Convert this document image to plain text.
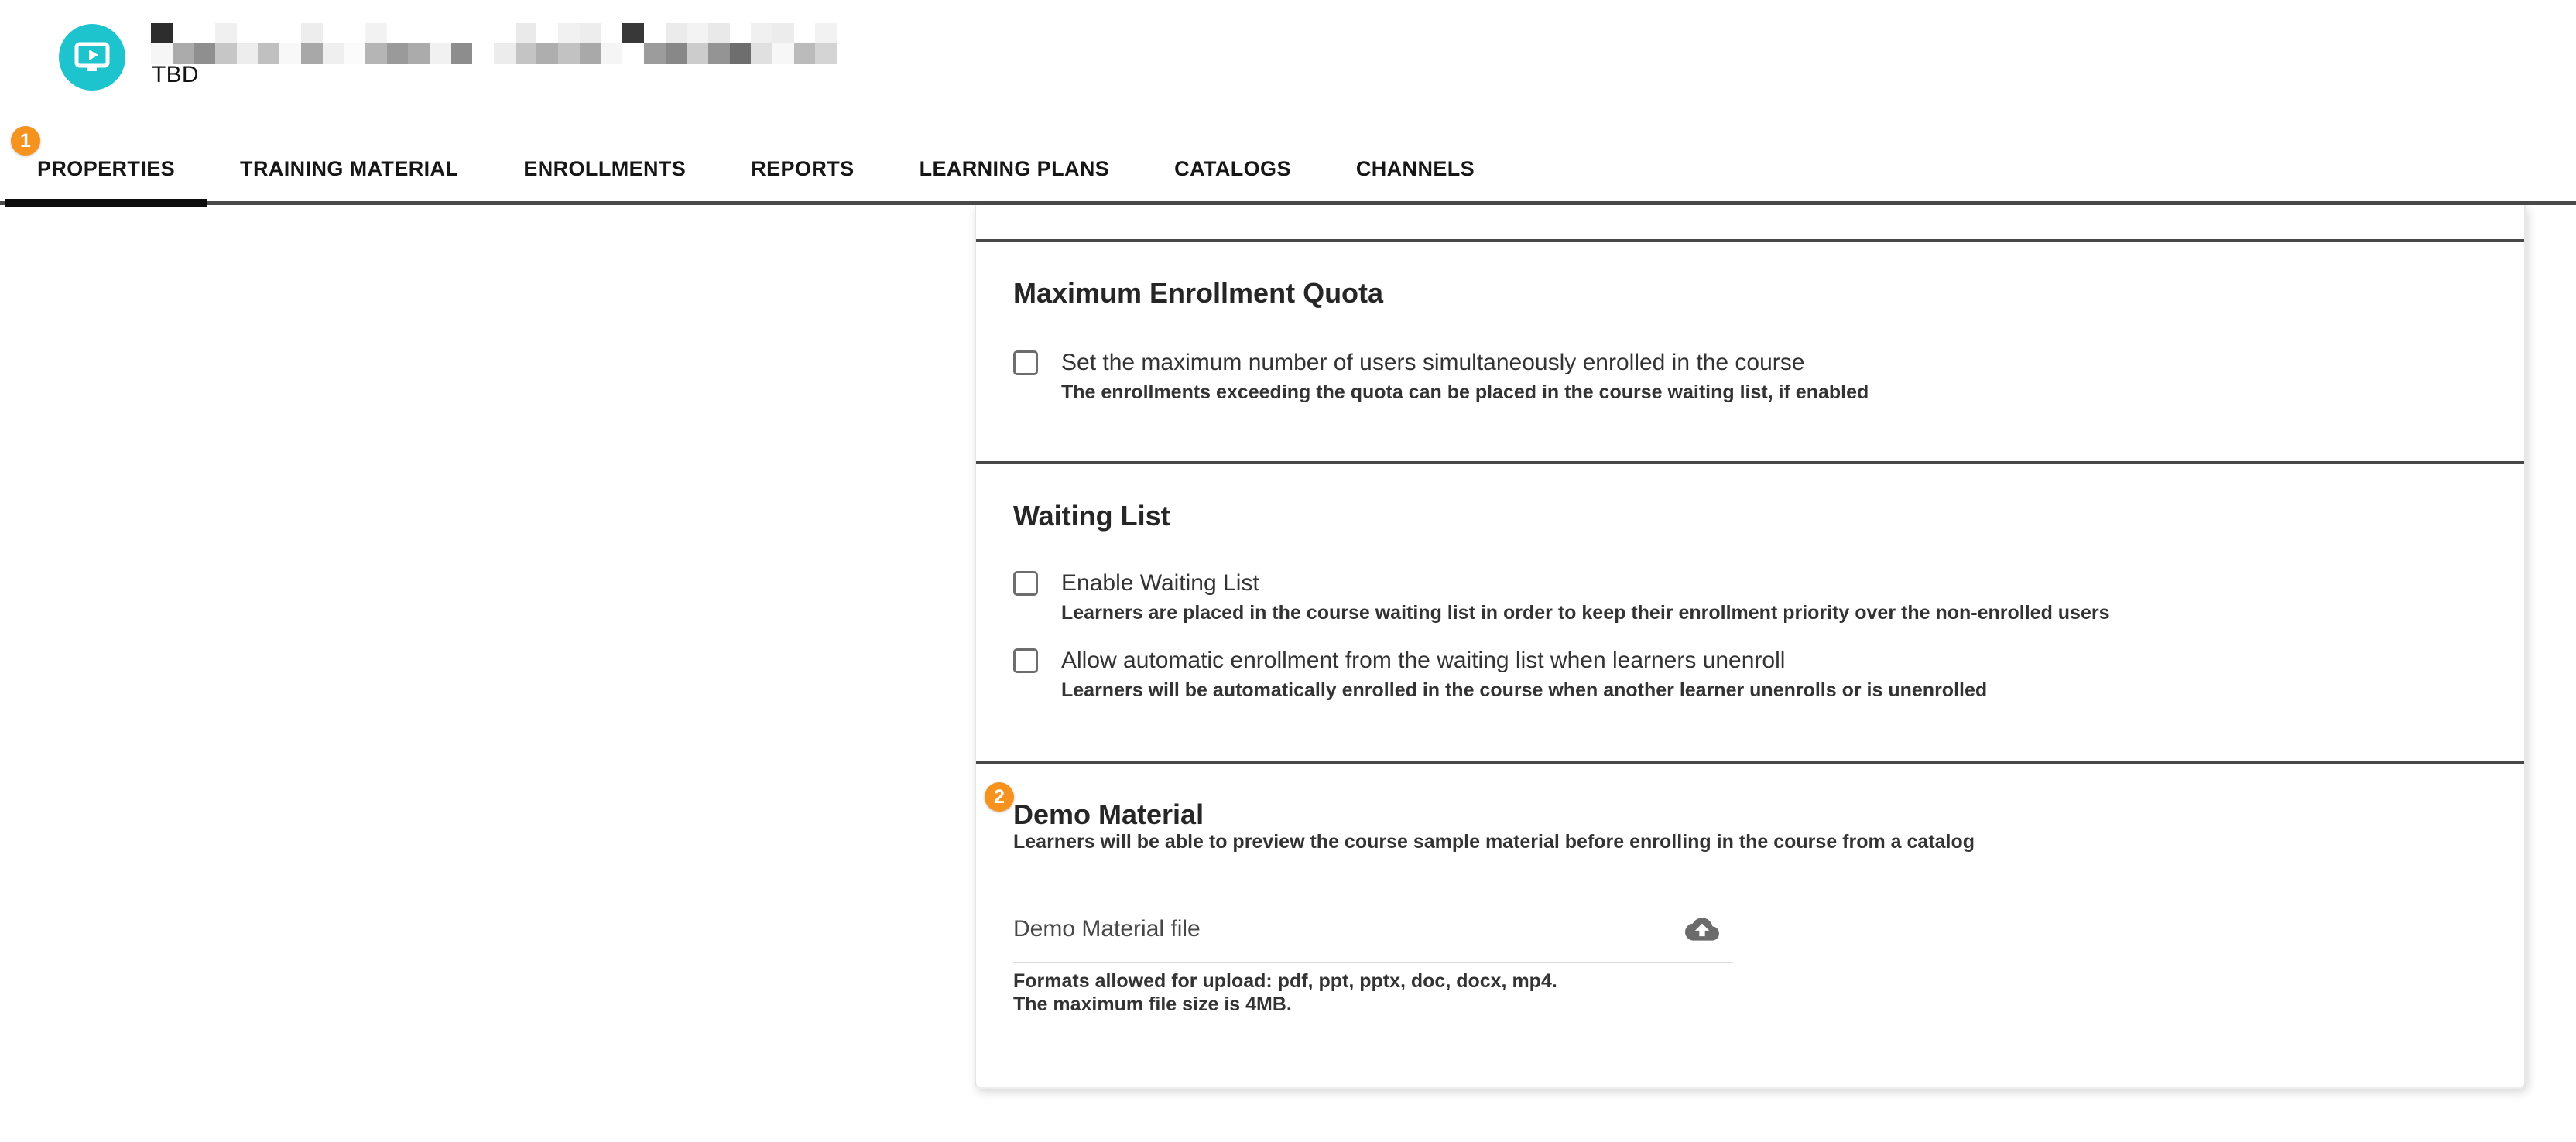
TBD
1
PROPERTIES	TRAINING MATERIAL	ENROLLMENTS	REPORTS	LEARNING PLANS	CATALOGS	CHANNELS
Maximum Enrollment Quota
Set the maximum number of users simultaneously enrolled in the course
The enrollments exceeding the quota can be placed in the course waiting list, if enabled
Waiting List
Enable Waiting List
Learners are placed in the course waiting list in order to keep their enrollment priority over the non-enrolled users
Allow automatic enrollment from the waiting list when learners unenroll
Learners will be automatically enrolled in the course when another learner unenrolls or is unenrolled
2
Demo Material
Learners will be able to preview the course sample material before enrolling in the course from a catalog
Demo Material file
Formats allowed for upload: pdf, ppt, pptx, doc, docx, mp4.
The maximum file size is 4MB.
